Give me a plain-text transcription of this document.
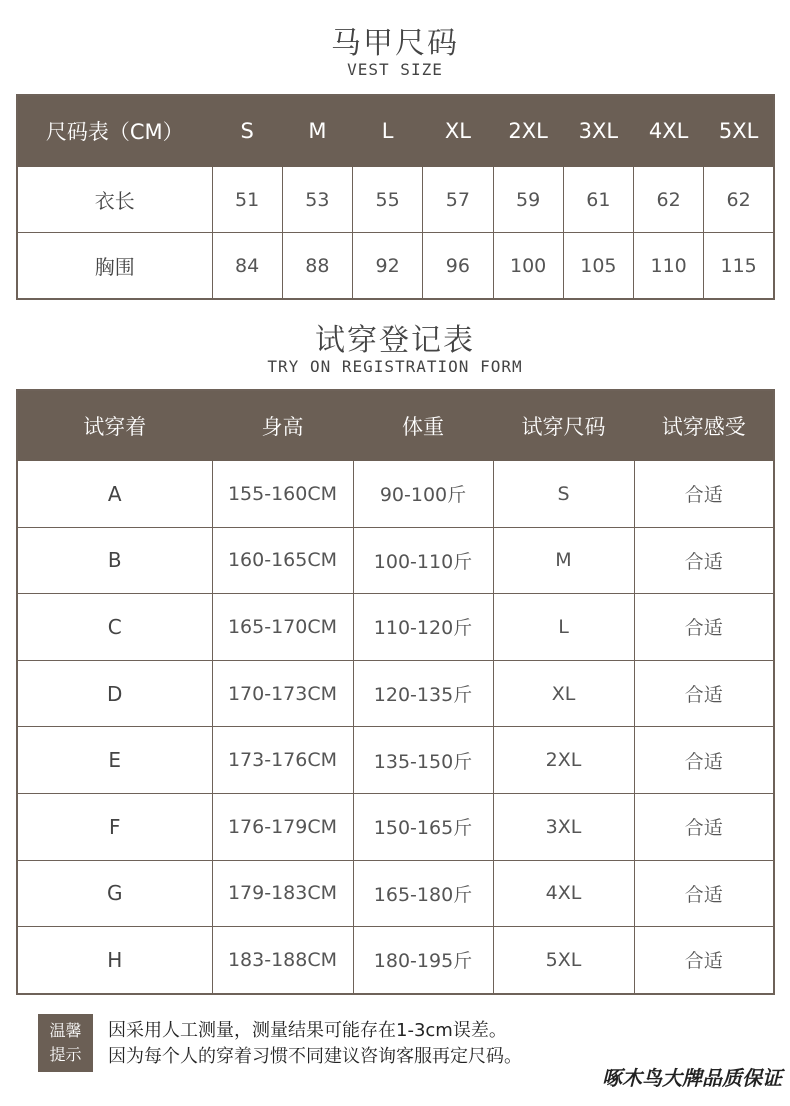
马甲尺码
VEST SIZE
尺码表（CM）	S	M	L	XL	2XL	3XL	4XL	5XL
衣长	51	53	55	57	59	61	62	62
胸围	84	88	92	96	100	105	110	115
试穿登记表
TRY ON REGISTRATION FORM
试穿着	身高	体重	试穿尺码	试穿感受
A	155-160CM	90-100斤	S	合适
B	160-165CM	100-110斤	M	合适
C	165-170CM	110-120斤	L	合适
D	170-173CM	120-135斤	XL	合适
E	173-176CM	135-150斤	2XL	合适
F	176-179CM	150-165斤	3XL	合适
G	179-183CM	165-180斤	4XL	合适
H	183-188CM	180-195斤	5XL	合适
温馨
提示
因采用人工测量，测量结果可能存在1-3cm误差。
因为每个人的穿着习惯不同建议咨询客服再定尺码。
啄木鸟大牌品质保证
